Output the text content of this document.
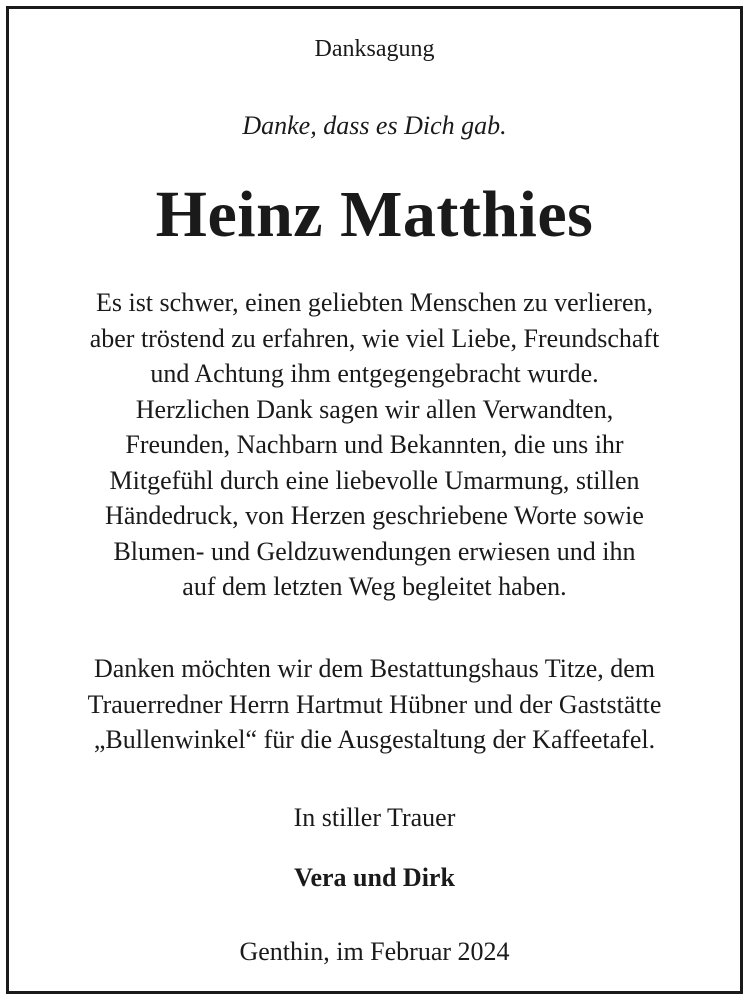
Danksagung

Danke, dass es Dich gab.

Heinz Matthies

Es ist schwer, einen geliebten Menschen zu verlieren,
aber tröstend zu erfahren, wie viel Liebe, Freundschaft
und Achtung ihm entgegengebracht wurde.
Herzlichen Dank sagen wir allen Verwandten,
Freunden, Nachbarn und Bekannten, die uns ihr
Mitgefühl durch eine liebevolle Umarmung, stillen
Händedruck, von Herzen geschriebene Worte sowie
Blumen- und Geldzuwendungen erwiesen und ihn
auf dem letzten Weg begleitet haben.
Danken möchten wir dem Bestattungshaus Titze, dem
Trauerredner Herrn Hartmut Hübner und der Gaststätte
„Bullenwinkel“ für die Ausgestaltung der Kaffeetafel.

In stiller Trauer

Vera und Dirk

Genthin, im Februar 2024
